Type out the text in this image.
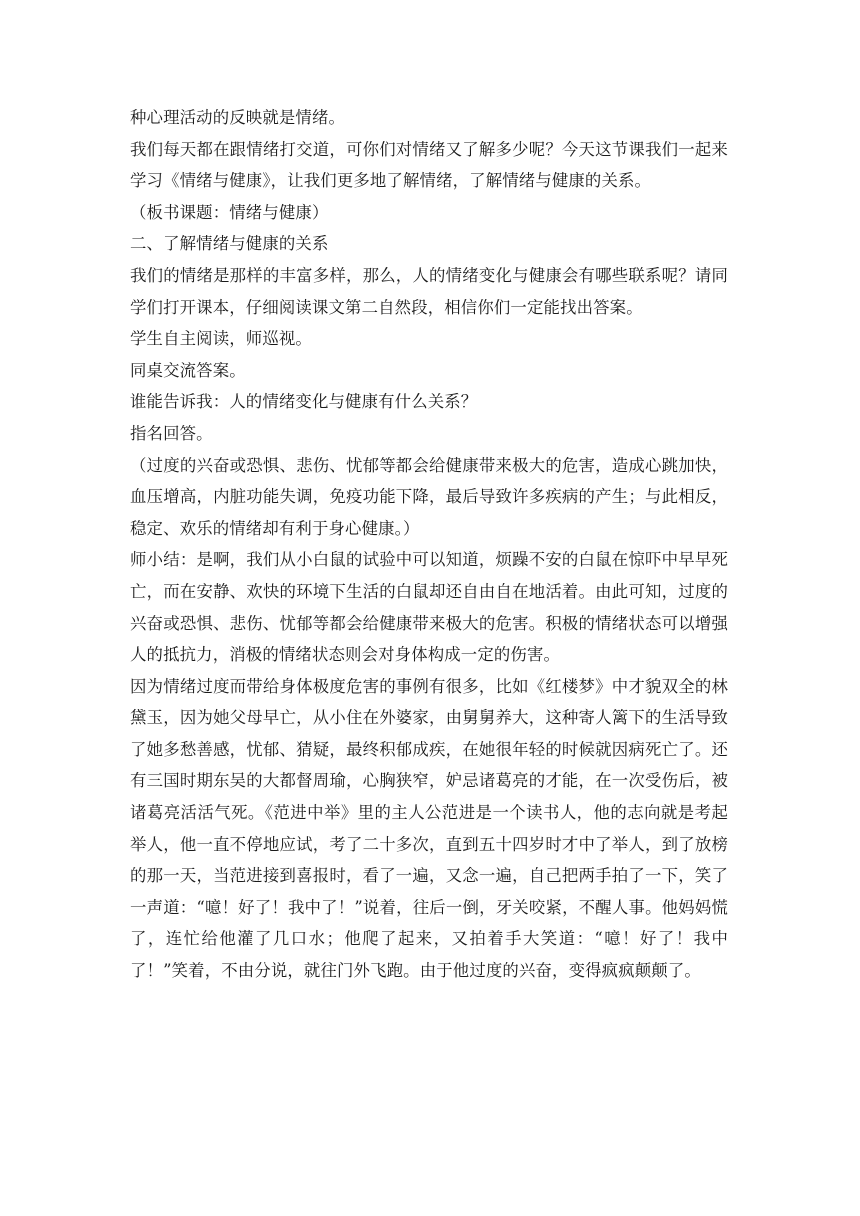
种心理活动的反映就是情绪。

我们每天都在跟情绪打交道，可你们对情绪又了解多少呢？今天这节课我们一起来学习《情绪与健康》，让我们更多地了解情绪，了解情绪与健康的关系。

（板书课题：情绪与健康）

二、了解情绪与健康的关系

我们的情绪是那样的丰富多样，那么，人的情绪变化与健康会有哪些联系呢？请同学们打开课本，仔细阅读课文第二自然段，相信你们一定能找出答案。

学生自主阅读，师巡视。

同桌交流答案。

谁能告诉我：人的情绪变化与健康有什么关系？

指名回答。

（过度的兴奋或恐惧、悲伤、忧郁等都会给健康带来极大的危害，造成心跳加快，血压增高，内脏功能失调，免疫功能下降，最后导致许多疾病的产生；与此相反，稳定、欢乐的情绪却有利于身心健康。）

师小结：是啊，我们从小白鼠的试验中可以知道，烦躁不安的白鼠在惊吓中早早死亡，而在安静、欢快的环境下生活的白鼠却还自由自在地活着。由此可知，过度的兴奋或恐惧、悲伤、忧郁等都会给健康带来极大的危害。积极的情绪状态可以增强人的抵抗力，消极的情绪状态则会对身体构成一定的伤害。

因为情绪过度而带给身体极度危害的事例有很多，比如《红楼梦》中才貌双全的林黛玉，因为她父母早亡，从小住在外婆家，由舅舅养大，这种寄人篱下的生活导致了她多愁善感，忧郁、猜疑，最终积郁成疾，在她很年轻的时候就因病死亡了。还有三国时期东吴的大都督周瑜，心胸狭窄，妒忌诸葛亮的才能，在一次受伤后，被诸葛亮活活气死。《范进中举》里的主人公范进是一个读书人，他的志向就是考起举人，他一直不停地应试，考了二十多次，直到五十四岁时才中了举人，到了放榜的那一天，当范进接到喜报时，看了一遍，又念一遍，自己把两手拍了一下，笑了一声道：“噫！好了！我中了！”说着，往后一倒，牙关咬紧，不醒人事。他妈妈慌了，连忙给他灌了几口水；他爬了起来，又拍着手大笑道：“噫！好了！我中了！”笑着，不由分说，就往门外飞跑。由于他过度的兴奋，变得疯疯颠颠了。
